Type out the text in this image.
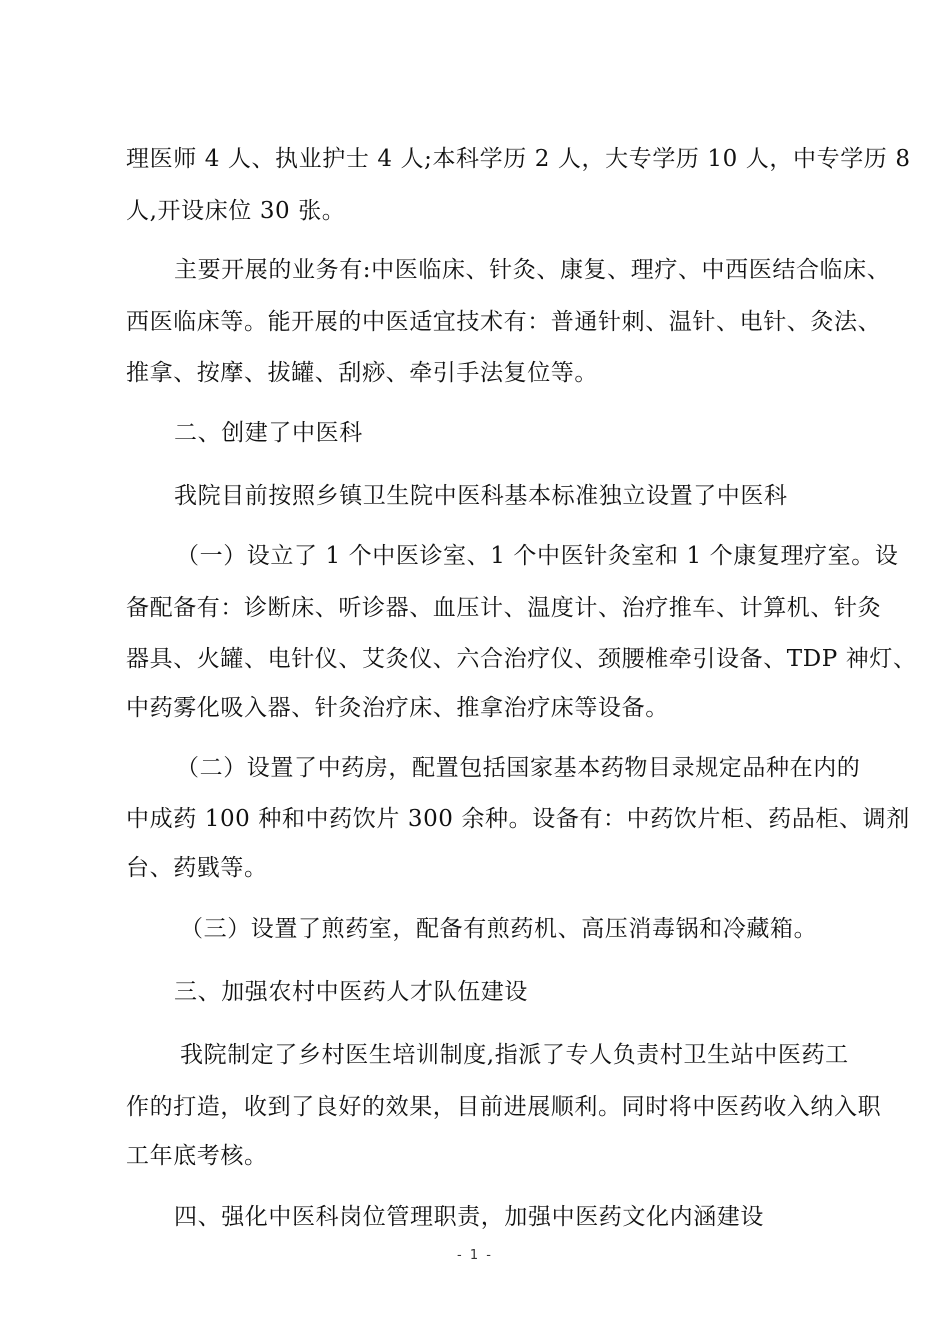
理医师 4 人、执业护士 4 人;本科学历 2 人，大专学历 10 人，中专学历 8
人,开设床位 30 张。
主要开展的业务有:中医临床、针灸、康复、理疗、中西医结合临床、
西医临床等。能开展的中医适宜技术有：普通针刺、温针、电针、灸法、
推拿、按摩、拔罐、刮痧、牵引手法复位等。
二、创建了中医科
我院目前按照乡镇卫生院中医科基本标准独立设置了中医科
（一）设立了 1 个中医诊室、1 个中医针灸室和 1 个康复理疗室。设
备配备有：诊断床、听诊器、血压计、温度计、治疗推车、计算机、针灸
器具、火罐、电针仪、艾灸仪、六合治疗仪、颈腰椎牵引设备、TDP 神灯、
中药雾化吸入器、针灸治疗床、推拿治疗床等设备。
（二）设置了中药房，配置包括国家基本药物目录规定品种在内的
中成药 100 种和中药饮片 300 余种。设备有：中药饮片柜、药品柜、调剂
台、药戥等。
（三）设置了煎药室，配备有煎药机、高压消毒锅和冷藏箱。
三、加强农村中医药人才队伍建设
我院制定了乡村医生培训制度,指派了专人负责村卫生站中医药工
作的打造，收到了良好的效果，目前进展顺利。同时将中医药收入纳入职
工年底考核。
四、强化中医科岗位管理职责，加强中医药文化内涵建设
- 1 -
